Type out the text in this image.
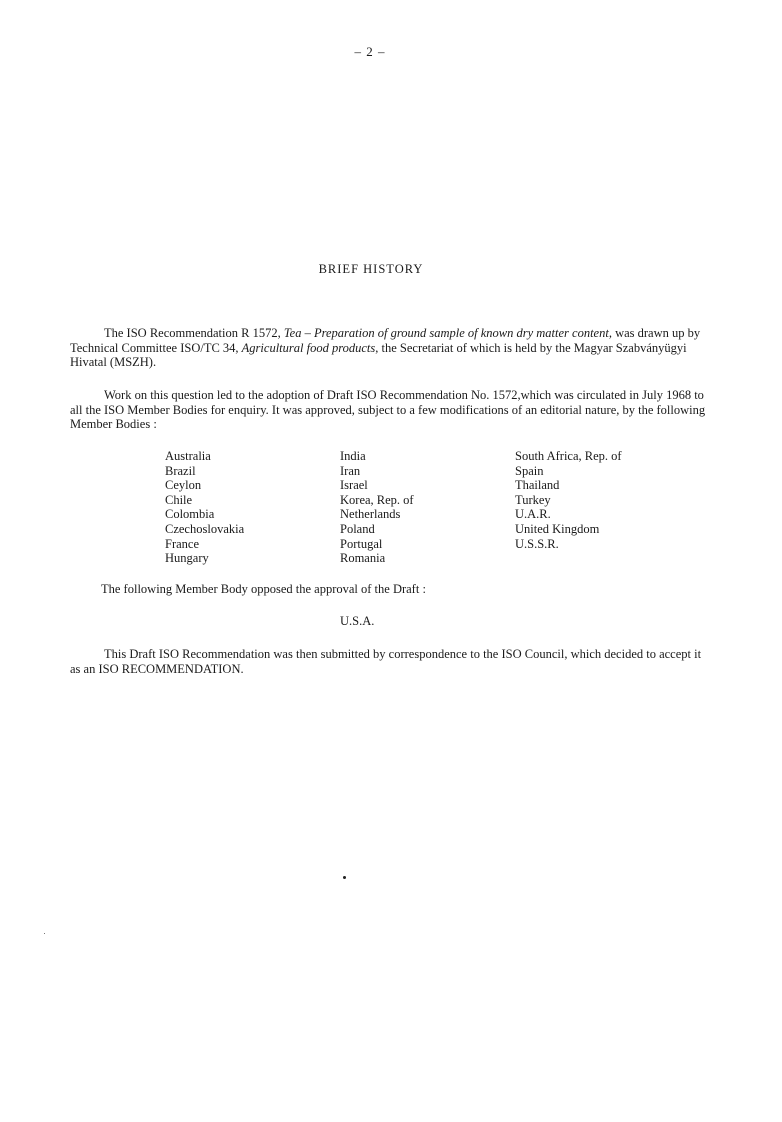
– 2 –
BRIEF HISTORY
The ISO Recommendation R 1572, Tea – Preparation of ground sample of known dry matter content, was drawn up by Technical Committee ISO/TC 34, Agricultural food products, the Secretariat of which is held by the Magyar Szabványügyi Hivatal (MSZH).
Work on this question led to the adoption of Draft ISO Recommendation No. 1572,which was circulated in July 1968 to all the ISO Member Bodies for enquiry. It was approved, subject to a few modifications of an editorial nature, by the following Member Bodies :
Australia
Brazil
Ceylon
Chile
Colombia
Czechoslovakia
France
Hungary
India
Iran
Israel
Korea, Rep. of
Netherlands
Poland
Portugal
Romania
South Africa, Rep. of
Spain
Thailand
Turkey
U.A.R.
United Kingdom
U.S.S.R.
The following Member Body opposed the approval of the Draft :
U.S.A.
This Draft ISO Recommendation was then submitted by correspondence to the ISO Council, which decided to accept it as an ISO RECOMMENDATION.
